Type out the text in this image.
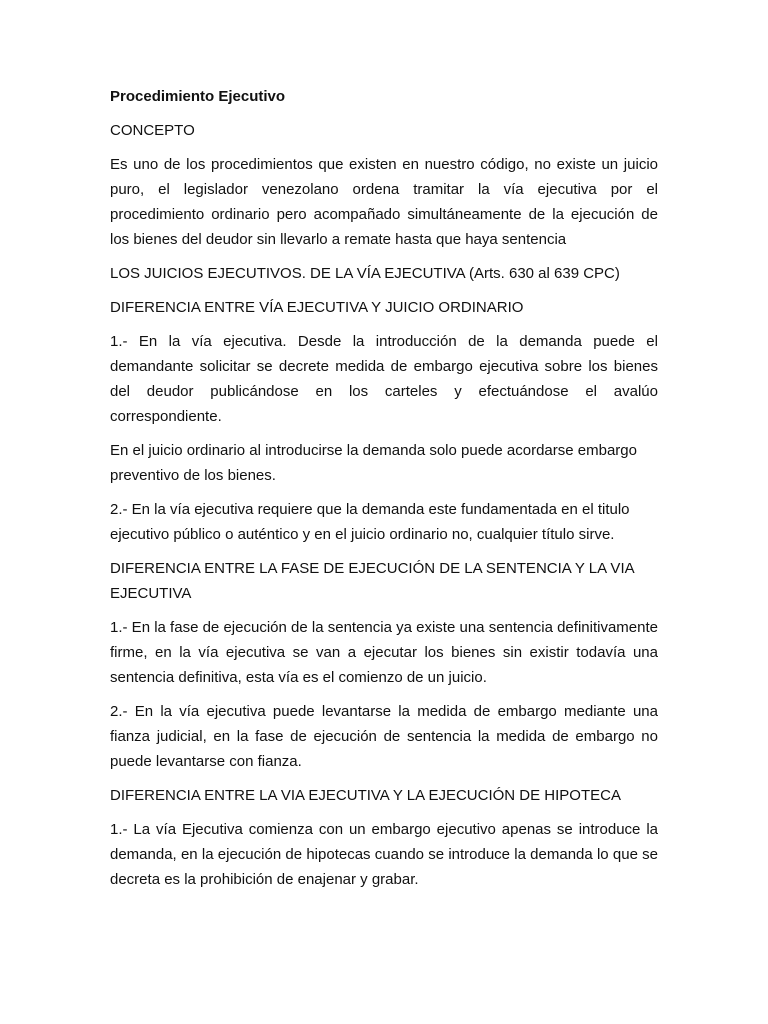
Procedimiento Ejecutivo

CONCEPTO

Es uno de los procedimientos que existen en nuestro código, no existe un juicio puro, el legislador venezolano ordena tramitar la vía ejecutiva por el procedimiento ordinario pero acompañado simultáneamente de la ejecución de los bienes del deudor sin llevarlo a remate hasta que haya sentencia

LOS JUICIOS EJECUTIVOS. DE LA VÍA EJECUTIVA (Arts. 630 al 639 CPC)

DIFERENCIA ENTRE VÍA EJECUTIVA Y JUICIO ORDINARIO

1.- En la vía ejecutiva. Desde la introducción de la demanda puede el demandante solicitar se decrete medida de embargo ejecutiva sobre los bienes del deudor publicándose en los carteles y efectuándose el avalúo correspondiente.

En el juicio ordinario al introducirse la demanda solo puede acordarse embargo preventivo de los bienes.

2.- En la vía ejecutiva requiere que la demanda este fundamentada en el titulo ejecutivo público o auténtico y en el juicio ordinario no, cualquier título sirve.

DIFERENCIA ENTRE LA FASE DE EJECUCIÓN DE LA SENTENCIA Y LA VIA EJECUTIVA

1.- En la fase de ejecución de la sentencia ya existe una sentencia definitivamente firme, en la vía ejecutiva se van a ejecutar los bienes sin existir todavía una sentencia definitiva, esta vía es el comienzo de un juicio.

2.- En la vía ejecutiva puede levantarse la medida de embargo mediante una fianza judicial, en la fase de ejecución de sentencia la medida de embargo no puede levantarse con fianza.

DIFERENCIA ENTRE LA VIA EJECUTIVA Y LA EJECUCIÓN DE HIPOTECA

1.- La vía Ejecutiva comienza con un embargo ejecutivo apenas se introduce la demanda, en la ejecución de hipotecas cuando se introduce la demanda lo que se decreta es la prohibición de enajenar y grabar.
